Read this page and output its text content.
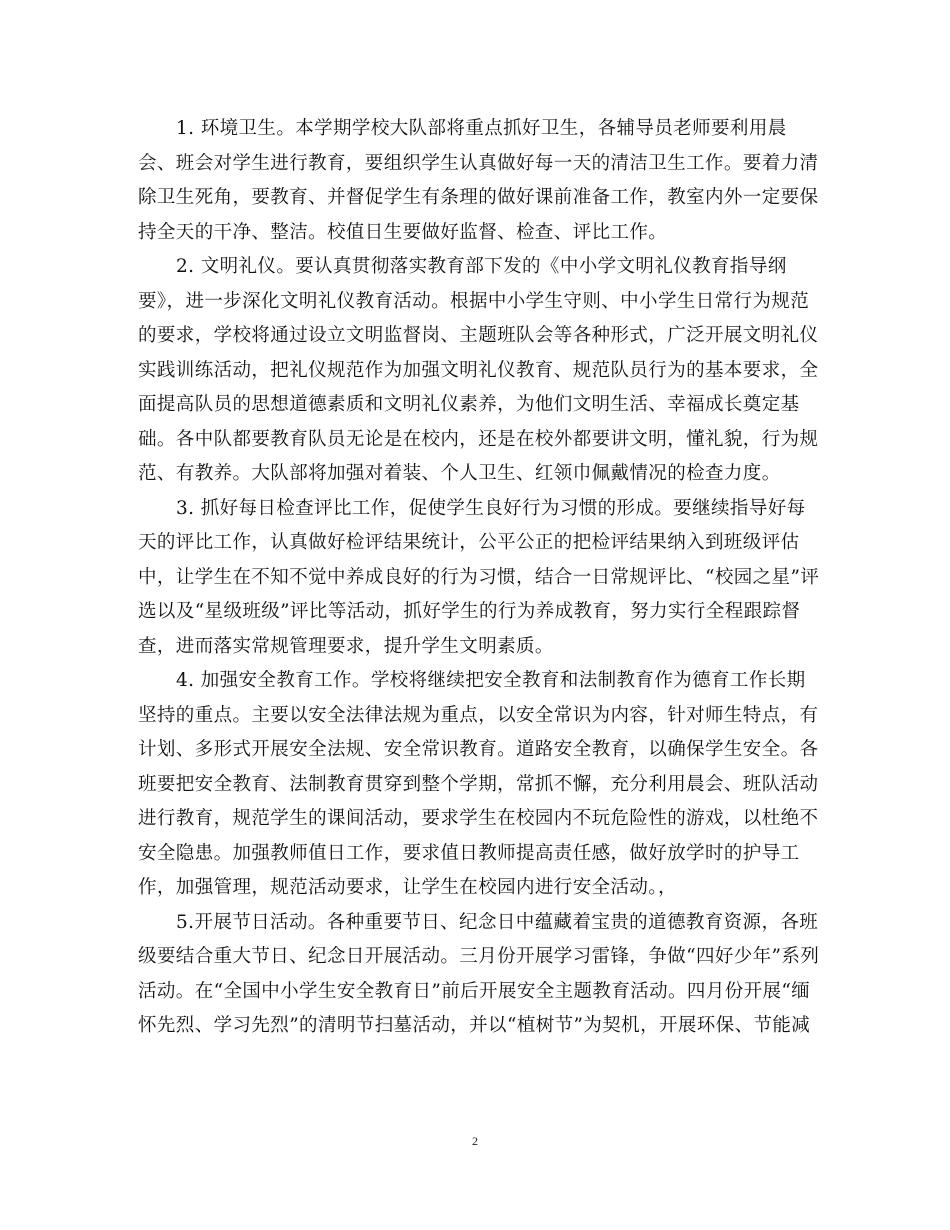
1. 环境卫生。本学期学校大队部将重点抓好卫生，各辅导员老师要利用晨
会、班会对学生进行教育，要组织学生认真做好每一天的清洁卫生工作。要着力清
除卫生死角，要教育、并督促学生有条理的做好课前准备工作，教室内外一定要保
持全天的干净、整洁。校值日生要做好监督、检查、评比工作。
2. 文明礼仪。要认真贯彻落实教育部下发的《中小学文明礼仪教育指导纲
要》，进一步深化文明礼仪教育活动。根据中小学生守则、中小学生日常行为规范
的要求，学校将通过设立文明监督岗、主题班队会等各种形式，广泛开展文明礼仪
实践训练活动，把礼仪规范作为加强文明礼仪教育、规范队员行为的基本要求，全
面提高队员的思想道德素质和文明礼仪素养，为他们文明生活、幸福成长奠定基
础。各中队都要教育队员无论是在校内，还是在校外都要讲文明，懂礼貌，行为规
范、有教养。大队部将加强对着装、个人卫生、红领巾佩戴情况的检查力度。
3. 抓好每日检查评比工作，促使学生良好行为习惯的形成。要继续指导好每
天的评比工作，认真做好检评结果统计，公平公正的把检评结果纳入到班级评估
中，让学生在不知不觉中养成良好的行为习惯，结合一日常规评比、“校园之星”评
选以及“星级班级”评比等活动，抓好学生的行为养成教育，努力实行全程跟踪督
查，进而落实常规管理要求，提升学生文明素质。
4. 加强安全教育工作。学校将继续把安全教育和法制教育作为德育工作长期
坚持的重点。主要以安全法律法规为重点，以安全常识为内容，针对师生特点，有
计划、多形式开展安全法规、安全常识教育。道路安全教育，以确保学生安全。各
班要把安全教育、法制教育贯穿到整个学期，常抓不懈，充分利用晨会、班队活动
进行教育，规范学生的课间活动，要求学生在校园内不玩危险性的游戏，以杜绝不
安全隐患。加强教师值日工作，要求值日教师提高责任感，做好放学时的护导工
作，加强管理，规范活动要求，让学生在校园内进行安全活动。，
5.开展节日活动。各种重要节日、纪念日中蕴藏着宝贵的道德教育资源，各班
级要结合重大节日、纪念日开展活动。三月份开展学习雷锋，争做“四好少年”系列
活动。在“全国中小学生安全教育日”前后开展安全主题教育活动。四月份开展“缅
怀先烈、学习先烈”的清明节扫墓活动，并以“植树节”为契机，开展环保、节能减
2
